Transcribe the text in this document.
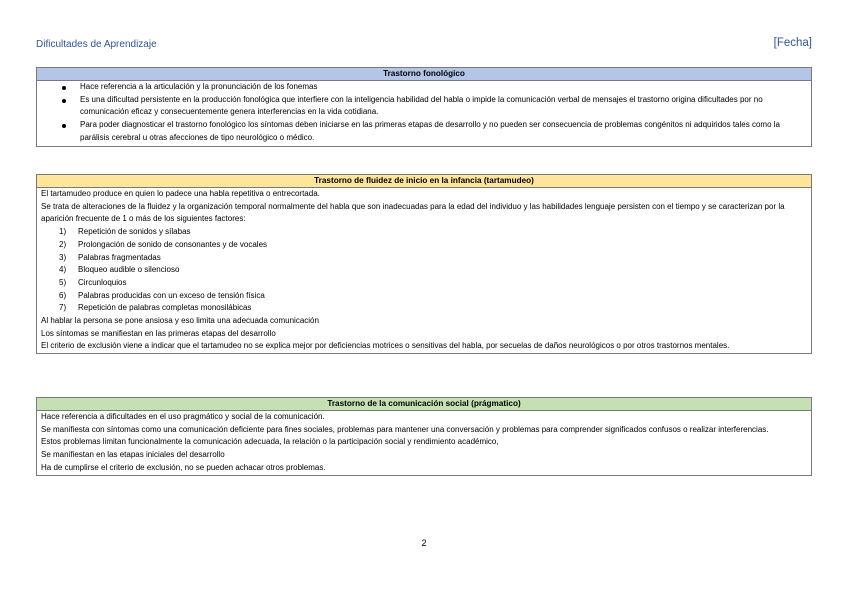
Dificultades de Aprendizaje	[Fecha]
Trastorno fonológico
Hace referencia a la articulación y la pronunciación de los fonemas
Es una dificultad persistente en la producción fonológica que interfiere con la inteligencia habilidad del habla o impide la comunicación verbal de mensajes el trastorno origina dificultades por no comunicación eficaz y consecuentemente genera interferencias en la vida cotidiana.
Para poder diagnosticar el trastorno fonológico los síntomas deben iniciarse en las primeras etapas de desarrollo y no pueden ser consecuencia de problemas congénitos ni adquiridos tales como la parálisis cerebral u otras afecciones de tipo neurológico o médico.
Trastorno de fluidez de inicio en la infancia (tartamudeo)
El tartamudeo produce en quien lo padece una habla repetitiva o entrecortada.
Se trata de alteraciones de la fluidez y la organización temporal normalmente del habla que son inadecuadas para la edad del individuo y las habilidades lenguaje persisten con el tiempo y se caracterizan por la aparición frecuente de 1 o más de los siguientes factores:
1)	Repetición de sonidos y sílabas
2)	Prolongación de sonido de consonantes y de vocales
3)	Palabras fragmentadas
4)	Bloqueo audible o silencioso
5)	Circunloquios
6)	Palabras producidas con un exceso de tensión física
7)	Repetición de palabras completas monosilábicas
Al hablar la persona se pone ansiosa y eso limita una adecuada comunicación
Los síntomas se manifiestan en las primeras etapas del desarrollo
El criterio de exclusión viene a indicar que el tartamudeo no se explica mejor por deficiencias motrices o sensitivas del habla, por secuelas de daños neurológicos o por otros trastornos mentales.
Trastorno de la comunicación social (prágmatico)
Hace referencia a dificultades en el uso pragmático y social de la comunicación.
Se manifiesta con síntomas como una comunicación deficiente para fines sociales, problemas para mantener una conversación y problemas para comprender significados confusos o realizar interferencias.
Estos problemas limitan funcionalmente la comunicación adecuada, la relación o la participación social y rendimiento académico,
Se manifiestan en las etapas iniciales del desarrollo
Ha de cumplirse el criterio de exclusión, no se pueden achacar otros problemas.
2
